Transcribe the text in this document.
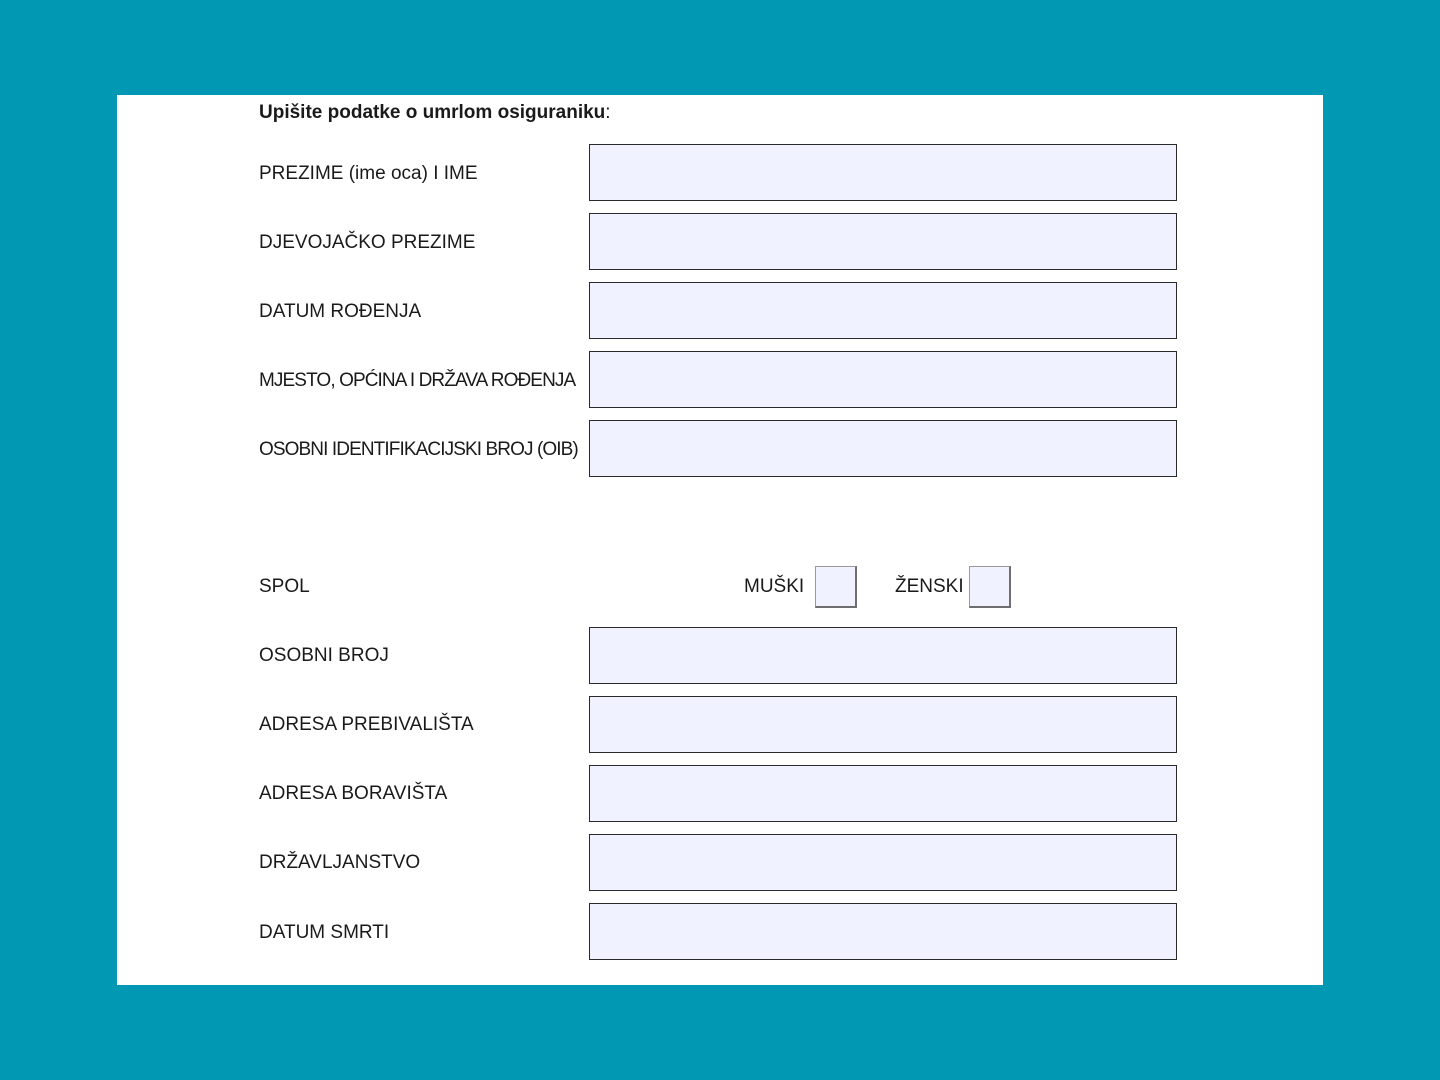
Upišite podatke o umrlom osiguraniku:
PREZIME (ime oca) I IME
DJEVOJAČKO PREZIME
DATUM ROĐENJA
MJESTO, OPĆINA I DRŽAVA ROĐENJA
OSOBNI IDENTIFIKACIJSKI BROJ (OIB)
SPOL	MUŠKI	ŽENSKI
OSOBNI BROJ
ADRESA PREBIVALIŠTA
ADRESA BORAVIŠTA
DRŽAVLJANSTVO
DATUM SMRTI
